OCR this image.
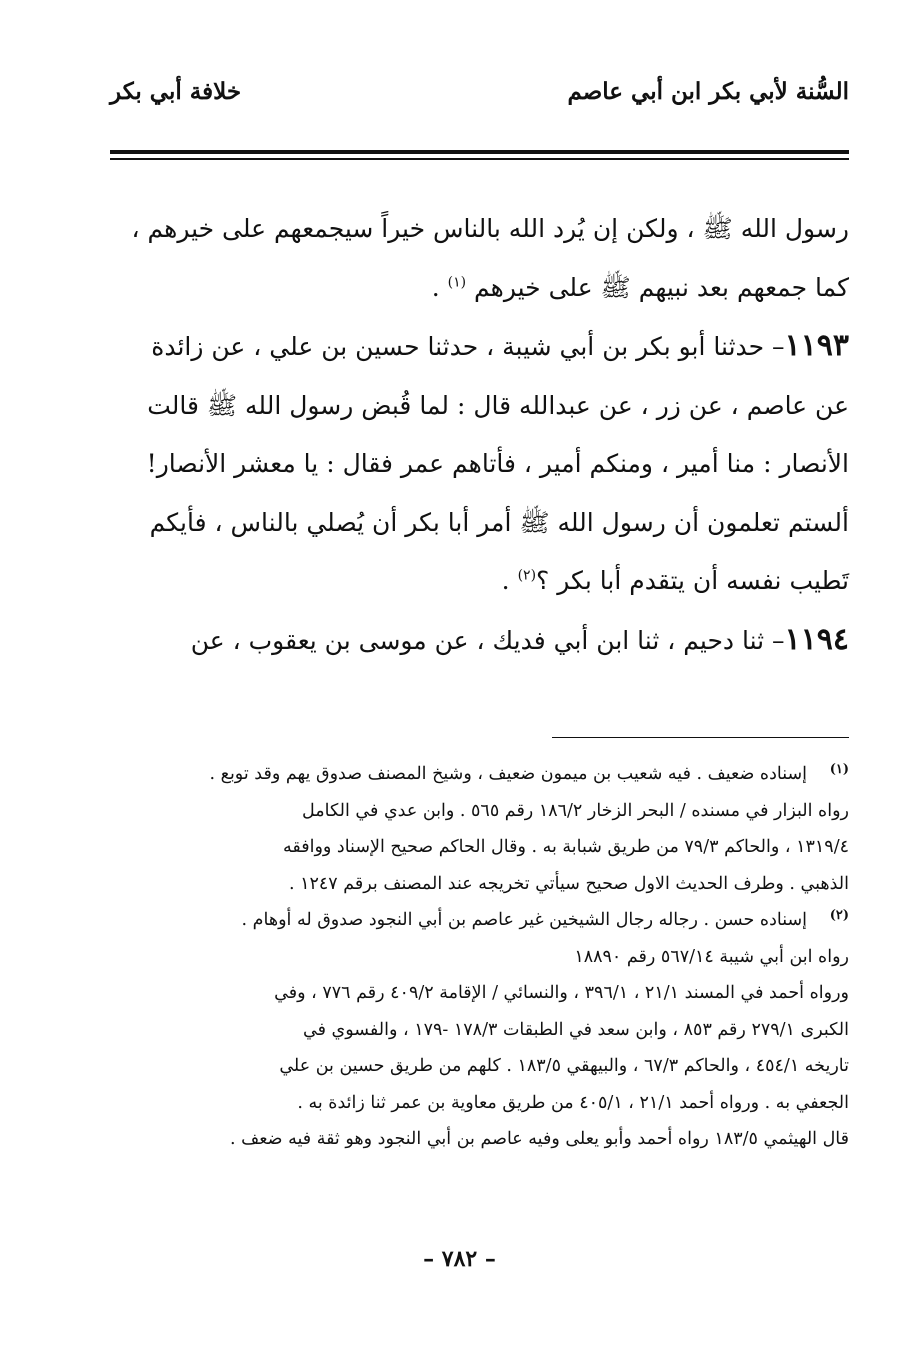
السُّنة لأبي بكر ابن أبي عاصم
خلافة أبي بكر

رسول الله ﷺ ، ولكن إن يُرد الله بالناس خيراً سيجمعهم على خيرهم ،
كما جمعهم بعد نبيهم ﷺ على خيرهم $^{(١)}$ .

١١٩٣– حدثنا أبو بكر بن أبي شيبة ، حدثنا حسين بن علي ، عن زائدة
عن عاصم ، عن زر ، عن عبدالله قال : لما قُبض رسول الله ﷺ قالت
الأنصار : منا أمير ، ومنكم أمير ، فأتاهم عمر فقال : يا معشر الأنصار!
ألستم تعلمون أن رسول الله ﷺ أمر أبا بكر أن يُصلي بالناس ، فأيكم
تَطيب نفسه أن يتقدم أبا بكر ؟$^{(٢)}$ .

١١٩٤– ثنا دحيم ، ثنا ابن أبي فديك ، عن موسى بن يعقوب ، عن

(١)
إسناده ضعيف . فيه شعيب بن ميمون ضعيف ، وشيخ المصنف صدوق يهم وقد توبع .
رواه البزار في مسنده / البحر الزخار ١٨٦/٢ رقم ٥٦٥ . وابن عدي في الكامل
١٣١٩/٤ ، والحاكم ٧٩/٣ من طريق شبابة به . وقال الحاكم صحيح الإسناد ووافقه
الذهبي . وطرف الحديث الاول صحيح سيأتي تخريجه عند المصنف برقم ١٢٤٧ .
(٢)
إسناده حسن . رجاله رجال الشيخين غير عاصم بن أبي النجود صدوق له أوهام .
رواه ابن أبي شيبة ٥٦٧/١٤ رقم ١٨٨٩٠
ورواه أحمد في المسند ٢١/١ ، ٣٩٦/١ ، والنسائي / الإقامة ٤٠٩/٢ رقم ٧٧٦ ، وفي
الكبرى ٢٧٩/١ رقم ٨٥٣ ، وابن سعد في الطبقات ١٧٨/٣ -١٧٩ ، والفسوي في
تاريخه ٤٥٤/١ ، والحاكم ٦٧/٣ ، والبيهقي ١٨٣/٥ . كلهم من طريق حسين بن علي
الجعفي به . ورواه أحمد ٢١/١ ، ٤٠٥/١ من طريق معاوية بن عمر ثنا زائدة به .
قال الهيثمي ١٨٣/٥ رواه أحمد وأبو يعلى وفيه عاصم بن أبي النجود وهو ثقة فيه ضعف .
– ٧٨٢ –
